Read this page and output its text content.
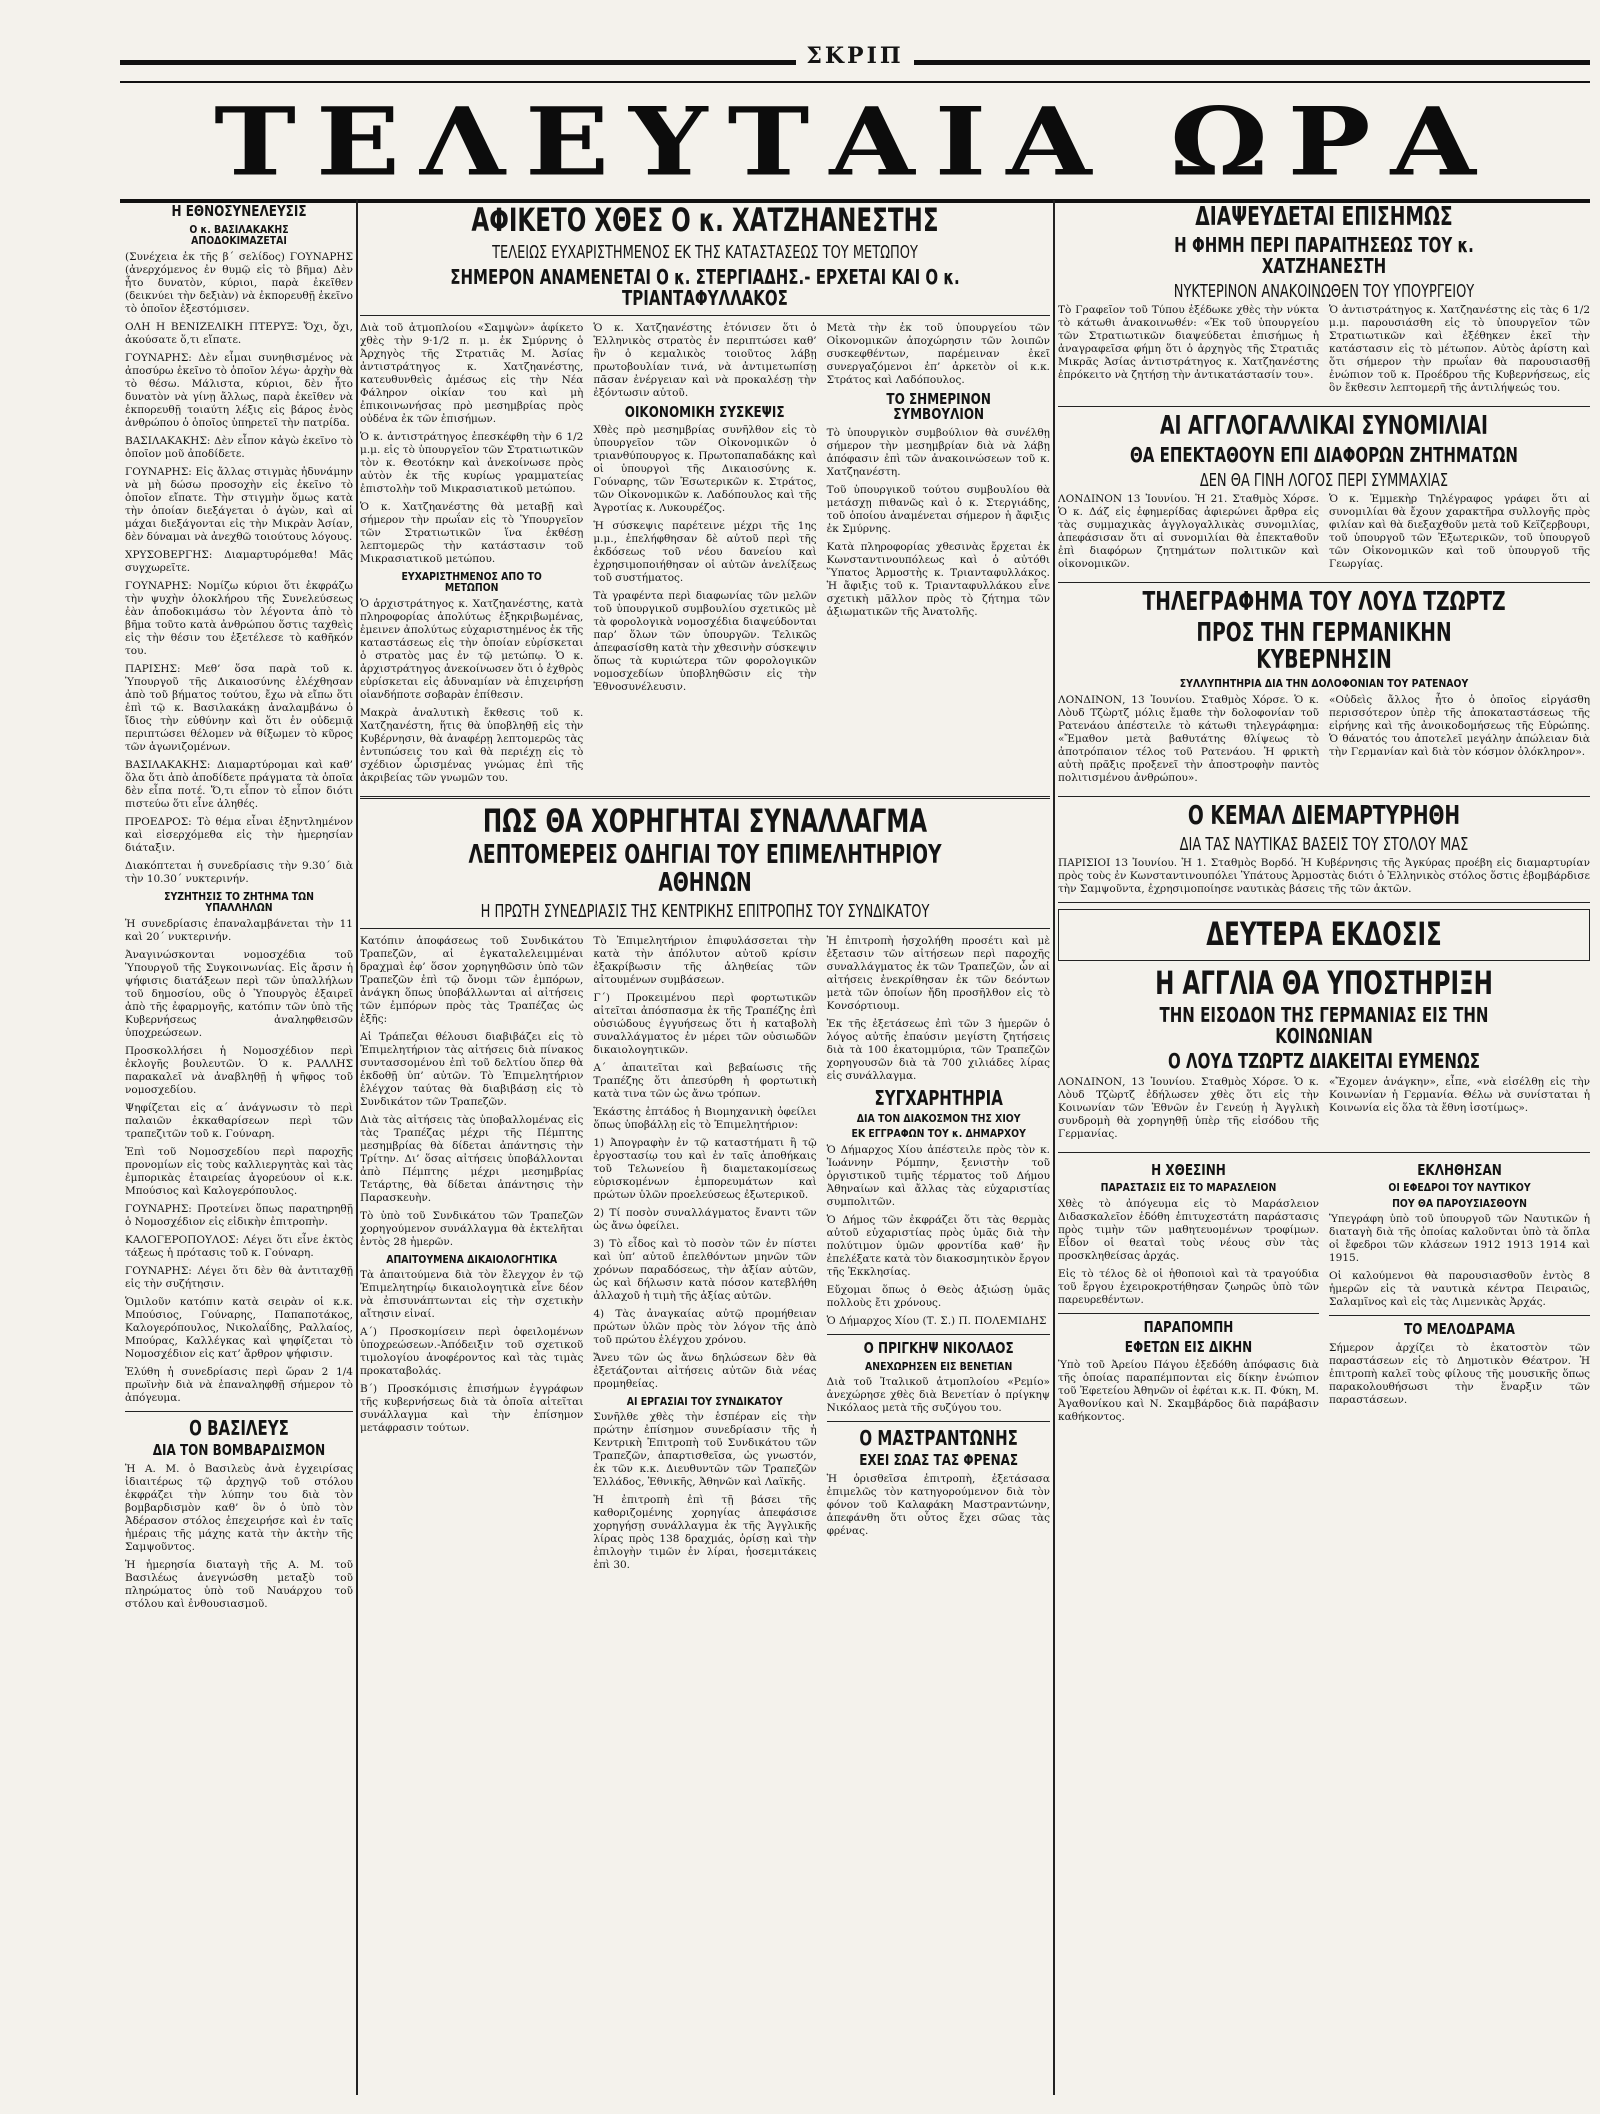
ΣΚΡΙΠ
ΤΕΛΕΥΤΑΙΑ ΩΡΑ
Η ΕΘΝΟΣΥΝΕΛΕΥΣΙΣ
Ο κ. ΒΑΣΙΛΑΚΑΚΗΣ ΑΠΟΔΟΚΙΜΑΖΕΤΑΙ

(Συνέχεια ἐκ τῆς β΄ σελίδος) ΓΟΥΝΑΡΗΣ (ἀνερχόμενος ἐν θυμῷ εἰς τὸ βῆμα) Δὲν ἦτο δυνατὸν, κύριοι, παρὰ ἐκεῖθεν (δεικνύει τὴν δεξιὰν) νὰ ἐκπορευθῇ ἐκεῖνο τὸ ὁποῖον ἐξεστόμισεν.

ΟΛΗ Η ΒΕΝΙΖΕΛΙΚΗ ΠΤΕΡΥΞ: Ὄχι, ὄχι, ἀκούσατε ὅ,τι εἴπατε.

ΓΟΥΝΑΡΗΣ: Δὲν εἶμαι συνηθισμένος νὰ ἀποσύρω ἐκεῖνο τὸ ὁποῖον λέγω· ἀρχὴν θὰ τὸ θέσω. Μάλιστα, κύριοι, δὲν ἦτο δυνατὸν νὰ γίνῃ ἄλλως, παρὰ ἐκεῖθεν νὰ ἐκπορευθῇ τοιαύτη λέξις εἰς βάρος ἑνὸς ἀνθρώπου ὁ ὁποῖος ὑπηρετεῖ τὴν πατρίδα.

ΒΑΣΙΛΑΚΑΚΗΣ: Δὲν εἶπον κἀγὼ ἐκεῖνο τὸ ὁποῖον μοῦ ἀποδίδετε.

ΓΟΥΝΑΡΗΣ: Εἰς ἄλλας στιγμὰς ἠδυνάμην νὰ μὴ δώσω προσοχὴν εἰς ἐκεῖνο τὸ ὁποῖον εἴπατε. Τὴν στιγμὴν ὅμως κατὰ τὴν ὁποίαν διεξάγεται ὁ ἀγὼν, καὶ αἱ μάχαι διεξάγονται εἰς τὴν Μικρὰν Ἀσίαν, δὲν δύναμαι νὰ ἀνεχθῶ τοιούτους λόγους.

ΧΡΥΣΟΒΕΡΓΗΣ: Διαμαρτυρόμεθα! Μᾶς συγχωρεῖτε.

ΓΟΥΝΑΡΗΣ: Νομίζω κύριοι ὅτι ἐκφράζω τὴν ψυχὴν ὁλοκλήρου τῆς Συνελεύσεως ἐὰν ἀποδοκιμάσω τὸν λέγοντα ἀπὸ τὸ βῆμα τοῦτο κατὰ ἀνθρώπου ὅστις ταχθεὶς εἰς τὴν θέσιν του ἐξετέλεσε τὸ καθῆκόν του.

ΠΑΡΙΣΗΣ: Μεθ’ ὅσα παρὰ τοῦ κ. Ὑπουργοῦ τῆς Δικαιοσύνης ἐλέχθησαν ἀπὸ τοῦ βήματος τούτου, ἔχω νὰ εἴπω ὅτι ἐπὶ τῷ κ. Βασιλακάκῃ ἀναλαμβάνω ὁ ἴδιος τὴν εὐθύνην καὶ ὅτι ἐν οὐδεμιᾷ περιπτώσει θέλομεν νὰ θίξωμεν τὸ κῦρος τῶν ἀγωνιζομένων.

ΒΑΣΙΛΑΚΑΚΗΣ: Διαμαρτύρομαι καὶ καθ’ ὅλα ὅτι ἀπὸ ἀποδίδετε πράγματα τὰ ὁποῖα δὲν εἶπα ποτέ. Ὅ,τι εἶπον τὸ εἶπον διότι πιστεύω ὅτι εἶνε ἀληθές.

ΠΡΟΕΔΡΟΣ: Τὸ θέμα εἶναι ἐξηντλημένον καὶ εἰσερχόμεθα εἰς τὴν ἡμερησίαν διάταξιν.

Διακόπτεται ἡ συνεδρίασις τὴν 9.30΄ διὰ τὴν 10.30΄ νυκτερινήν.

ΣΥΖΗΤΗΣΙΣ ΤΟ ΖΗΤΗΜΑ ΤΩΝ ΥΠΑΛΛΗΛΩΝ

Ἡ συνεδρίασις ἐπαναλαμβάνεται τὴν 11 καὶ 20΄ νυκτερινήν.

Ἀναγινώσκονται νομοσχέδια τοῦ Ὑπουργοῦ τῆς Συγκοινωνίας. Εἰς ἄρσιν ἡ ψήφισις διατάξεων περὶ τῶν ὑπαλλήλων τοῦ δημοσίου, οὓς ὁ Ὑπουργὸς ἐξαιρεῖ ἀπὸ τῆς ἐφαρμογῆς, κατόπιν τῶν ὑπὸ τῆς Κυβερνήσεως ἀναληφθεισῶν ὑποχρεώσεων.

Προσκολλήσει ἡ Νομοσχέδιον περὶ ἐκλογῆς βουλευτῶν. Ὁ κ. ΡΑΛΛΗΣ παρακαλεῖ νὰ ἀναβληθῇ ἡ ψῆφος τοῦ νομοσχεδίου.

Ψηφίζεται εἰς α΄ ἀνάγνωσιν τὸ περὶ παλαιῶν ἐκκαθαρίσεων περὶ τῶν τραπεζιτῶν τοῦ κ. Γούναρη.

Ἐπὶ τοῦ Νομοσχεδίου περὶ παροχῆς προνομίων εἰς τοὺς καλλιεργητὰς καὶ τὰς ἐμπορικὰς ἐταιρείας ἀγορεύουν οἱ κ.κ. Μπούσιος καὶ Καλογερόπουλος.

ΓΟΥΝΑΡΗΣ: Προτείνει ὅπως παρατηρηθῇ ὁ Νομοσχέδιον εἰς εἰδικὴν ἐπιτροπὴν.

ΚΑΛΟΓΕΡΟΠΟΥΛΟΣ: Λέγει ὅτι εἶνε ἐκτὸς τάξεως ἡ πρότασις τοῦ κ. Γούναρη.

ΓΟΥΝΑΡΗΣ: Λέγει ὅτι δὲν θὰ ἀντιταχθῇ εἰς τὴν συζήτησιν.

Ὁμιλοῦν κατόπιν κατὰ σειρὰν οἱ κ.κ. Μπούσιος, Γούναρης, Παπαποτάκος, Καλογερόπουλος, Νικολαΐδης, Ραλλαίος, Μπούρας, Καλλέγκας καὶ ψηφίζεται τὸ Νομοσχέδιον εἰς κατ’ ἄρθρον ψήφισιν.

Ἐλύθη ἡ συνεδρίασις περὶ ὥραν 2 1/4 πρωϊνὴν διὰ νὰ ἐπαναληφθῇ σήμερον τὸ ἀπόγευμα.

Ο ΒΑΣΙΛΕΥΣ
ΔΙΑ ΤΟΝ ΒΟΜΒΑΡΔΙΣΜΟΝ

Ἡ Α. Μ. ὁ Βασιλεὺς ἀνὰ ἐγχειρίσας ἰδιαιτέρως τῷ ἀρχηγῷ τοῦ στόλου ἐκφράζει τὴν λύπην του διὰ τὸν βομβαρδισμὸν καθ’ ὃν ὁ ὑπὸ τὸν Ἀδέρασον στόλος ἐπεχειρήσε καὶ ἐν ταῖς ἡμέραις τῆς μάχης κατὰ τὴν ἀκτὴν τῆς Σαμψοῦντος.

Ἡ ἡμερησία διαταγὴ τῆς Α. Μ. τοῦ Βασιλέως ἀνεγνώσθη μεταξὺ τοῦ πληρώματος ὑπὸ τοῦ Ναυάρχου τοῦ στόλου καὶ ἐνθουσιασμοῦ.

ΑΦΙΚΕΤΟ ΧΘΕΣ Ο κ. ΧΑΤΖΗΑΝΕΣΤΗΣ
ΤΕΛΕΙΩΣ ΕΥΧΑΡΙΣΤΗΜΕΝΟΣ ΕΚ ΤΗΣ ΚΑΤΑΣΤΑΣΕΩΣ ΤΟΥ ΜΕΤΩΠΟΥ
ΣΗΜΕΡΟΝ ΑΝΑΜΕΝΕΤΑΙ Ο κ. ΣΤΕΡΓΙΑΔΗΣ.- ΕΡΧΕΤΑΙ ΚΑΙ Ο κ. ΤΡΙΑΝΤΑΦΥΛΛΑΚΟΣ

Διὰ τοῦ ἀτμοπλοίου «Σαμψὼν» ἀφίκετο χθὲς τὴν 9·1/2 π. μ. ἐκ Σμύρνης ὁ Ἀρχηγὸς τῆς Στρατιᾶς Μ. Ἀσίας ἀντιστράτηγος κ. Χατζηανέστης, κατευθυνθεὶς ἀμέσως εἰς τὴν Νέα Φάληρον οἰκίαν του καὶ μὴ ἐπικοινωνήσας πρὸ μεσημβρίας πρὸς οὐδένα ἐκ τῶν ἐπισήμων.

Ὁ κ. ἀντιστράτηγος ἐπεσκέφθη τὴν 6 1/2 μ.μ. εἰς τὸ ὑπουργεῖον τῶν Στρατιωτικῶν τὸν κ. Θεοτόκην καὶ ἀνεκοίνωσε πρὸς αὐτὸν ἐκ τῆς κυρίως γραμματείας ἐπιστολὴν τοῦ Μικρασιατικοῦ μετώπου.

Ὁ κ. Χατζηανέστης θὰ μεταβῇ καὶ σήμερον τὴν πρωΐαν εἰς τὸ Ὑπουργεῖον τῶν Στρατιωτικῶν ἵνα ἐκθέσῃ λεπτομερῶς τὴν κατάστασιν τοῦ Μικρασιατικοῦ μετώπου.

ΕΥΧΑΡΙΣΤΗΜΕΝΟΣ ΑΠΟ ΤΟ ΜΕΤΩΠΟΝ

Ὁ ἀρχιστράτηγος κ. Χατζηανέστης, κατὰ πληροφορίας ἀπολύτως ἐξηκριβωμένας, ἐμεινεν ἀπολύτως εὐχαριστημένος ἐκ τῆς καταστάσεως εἰς τὴν ὁποίαν εὑρίσκεται ὁ στρατὸς μας ἐν τῷ μετώπῳ. Ὁ κ. ἀρχιστράτηγος ἀνεκοίνωσεν ὅτι ὁ ἐχθρὸς εὑρίσκεται εἰς ἀδυναμίαν νὰ ἐπιχειρήσῃ οἱανδήποτε σοβαρὰν ἐπίθεσιν.

Μακρὰ ἀναλυτικὴ ἔκθεσις τοῦ κ. Χατζηανέστη, ἥτις θὰ ὑποβληθῇ εἰς τὴν Κυβέρνησιν, θὰ ἀναφέρῃ λεπτομερῶς τὰς ἐντυπώσεις του καὶ θὰ περιέχῃ εἰς τὸ σχέδιον ὧρισμένας γνώμας ἐπὶ τῆς ἀκριβείας τῶν γνωμῶν του.

Ὁ κ. Χατζηανέστης ἐτόνισεν ὅτι ὁ Ἑλληνικὸς στρατὸς ἐν περιπτώσει καθ’ ἣν ὁ κεμαλικὸς τοιοῦτος λάβῃ πρωτοβουλίαν τινά, νὰ ἀντιμετωπίσῃ πᾶσαν ἐνέργειαν καὶ νὰ προκαλέσῃ τὴν ἐξόντωσιν αὐτοῦ.

ΟΙΚΟΝΟΜΙΚΗ ΣΥΣΚΕΨΙΣ

Χθὲς πρὸ μεσημβρίας συνῆλθον εἰς τὸ ὑπουργεῖον τῶν Οἰκονομικῶν ὁ τριανθύπουργος κ. Πρωτοπαπαδάκης καὶ οἱ ὑπουργοὶ τῆς Δικαιοσύνης κ. Γούναρης, τῶν Ἐσωτερικῶν κ. Στράτος, τῶν Οἰκονομικῶν κ. Λαδόπουλος καὶ τῆς Ἀγροτίας κ. Λυκουρέζος.

Ἡ σύσκεψις παρέτεινε μέχρι τῆς 1ης μ.μ., ἐπελήφθησαν δὲ αὐτοῦ περὶ τῆς ἐκδόσεως τοῦ νέου δανείου καὶ ἐχρησιμοποιήθησαν οἱ αὐτῶν ἀνελίξεως τοῦ συστήματος.

Τὰ γραφέντα περὶ διαφωνίας τῶν μελῶν τοῦ ὑπουργικοῦ συμβουλίου σχετικῶς μὲ τὰ φορολογικὰ νομοσχέδια διαψεύδονται παρ’ ὅλων τῶν ὑπουργῶν. Τελικῶς ἀπεφασίσθη κατὰ τὴν χθεσινὴν σύσκεψιν ὅπως τὰ κυριώτερα τῶν φορολογικῶν νομοσχεδίων ὑποβληθῶσιν εἰς τὴν Ἐθνοσυνέλευσιν.

Μετὰ τὴν ἐκ τοῦ ὑπουργείου τῶν Οἰκονομικῶν ἀποχώρησιν τῶν λοιπῶν συσκεφθέντων, παρέμειναν ἐκεῖ συνεργαζόμενοι ἐπ’ ἀρκετὸν οἱ κ.κ. Στράτος καὶ Λαδόπουλος.

ΤΟ ΣΗΜΕΡΙΝΟΝ ΣΥΜΒΟΥΛΙΟΝ

Τὸ ὑπουργικὸν συμβούλιον θὰ συνέλθῃ σήμερον τὴν μεσημβρίαν διὰ νὰ λάβῃ ἀπόφασιν ἐπὶ τῶν ἀνακοινώσεων τοῦ κ. Χατζηανέστη.

Τοῦ ὑπουργικοῦ τούτου συμβουλίου θὰ μετάσχῃ πιθανῶς καὶ ὁ κ. Στεργιάδης, τοῦ ὁποίου ἀναμένεται σήμερον ἡ ἄφιξις ἐκ Σμύρνης.

Κατὰ πληροφορίας χθεσινὰς ἔρχεται ἐκ Κωνσταντινουπόλεως καὶ ὁ αὐτόθι Ὕπατος Ἁρμοστὴς κ. Τριανταφυλλάκος. Ἡ ἄφιξις τοῦ κ. Τριανταφυλλάκου εἶνε σχετικὴ μᾶλλον πρὸς τὸ ζήτημα τῶν ἀξιωματικῶν τῆς Ἀνατολῆς.

ΠΩΣ ΘΑ ΧΟΡΗΓΗΤΑΙ ΣΥΝΑΛΛΑΓΜΑ
ΛΕΠΤΟΜΕΡΕΙΣ ΟΔΗΓΙΑΙ ΤΟΥ ΕΠΙΜΕΛΗΤΗΡΙΟΥ ΑΘΗΝΩΝ
Η ΠΡΩΤΗ ΣΥΝΕΔΡΙΑΣΙΣ ΤΗΣ ΚΕΝΤΡΙΚΗΣ ΕΠΙΤΡΟΠΗΣ ΤΟΥ ΣΥΝΔΙΚΑΤΟΥ

Κατόπιν ἀποφάσεως τοῦ Συνδικάτου Τραπεζῶν, αἱ ἐγκαταλελειμμέναι δραχμαὶ ἐφ’ ὅσον χορηγηθῶσιν ὑπὸ τῶν Τραπεζῶν ἐπὶ τῷ ὄνομι τῶν ἐμπόρων, ἀνάγκη ὅπως ὑποβάλλωνται αἱ αἰτήσεις τῶν ἐμπόρων πρὸς τὰς Τραπέζας ὡς ἑξῆς:

Αἱ Τράπεζαι θέλουσι διαβιβάζει εἰς τὸ Ἐπιμελητήριον τὰς αἰτήσεις διὰ πίνακος συντασσομένου ἐπὶ τοῦ δελτίου ὅπερ θὰ ἐκδοθῇ ὑπ’ αὐτῶν. Τὸ Ἐπιμελητήριον ἐλέγχον ταύτας θὰ διαβιβάσῃ εἰς τὸ Συνδικάτον τῶν Τραπεζῶν.

Διὰ τὰς αἰτήσεις τὰς ὑποβαλλομένας εἰς τὰς Τραπέζας μέχρι τῆς Πέμπτης μεσημβρίας θὰ δίδεται ἀπάντησις τὴν Τρίτην. Δι’ ὅσας αἰτήσεις ὑποβάλλονται ἀπὸ Πέμπτης μέχρι μεσημβρίας Τετάρτης, θὰ δίδεται ἀπάντησις τὴν Παρασκευὴν.

Τὸ ὑπὸ τοῦ Συνδικάτου τῶν Τραπεζῶν χορηγούμενον συνάλλαγμα θὰ ἐκτελῆται ἐντὸς 28 ἡμερῶν.

ΑΠΑΙΤΟΥΜΕΝΑ ΔΙΚΑΙΟΛΟΓΗΤΙΚΑ

Τὰ ἀπαιτούμενα διὰ τὸν ἔλεγχον ἐν τῷ Ἐπιμελητηρίῳ δικαιολογητικὰ εἶνε δέον νὰ ἐπισυνάπτωνται εἰς τὴν σχετικὴν αἴτησιν εἰναί.

Α΄) Προσκομίσειν περὶ ὀφειλομένων ὑποχρεώσεων.-Ἀπόδειξιν τοῦ σχετικοῦ τιμολογίου ἀνοφέροντος καὶ τὰς τιμὰς προκαταβολάς.

Β΄) Προσκόμισις ἐπισήμων ἐγγράφων τῆς κυβερνήσεως διὰ τὰ ὁποῖα αἰτεῖται συνάλλαγμα καὶ τὴν ἐπίσημον μετάφρασιν τούτων.

Τὸ Ἐπιμελητήριον ἐπιφυλάσσεται τὴν κατὰ τὴν ἀπόλυτον αὐτοῦ κρίσιν ἐξακρίβωσιν τῆς ἀληθείας τῶν αἰτουμένων συμβάσεων.

Γ΄) Προκειμένου περὶ φορτωτικῶν αἰτεῖται ἀπόσπασμα ἐκ τῆς Τραπέζης ἐπὶ οὐσιώδους ἐγγυήσεως ὅτι ἡ καταβολὴ συναλλάγματος ἐν μέρει τῶν οὐσιωδῶν δικαιολογητικῶν.

Α΄ ἀπαιτεῖται καὶ βεβαίωσις τῆς Τραπέζης ὅτι ἀπεσύρθη ἡ φορτωτικὴ κατὰ τινα τῶν ὡς ἄνω τρόπων.

Ἑκάστης ἑπτάδος ἡ Βιομηχανικὴ ὀφείλει ὅπως ὑποβάλλῃ εἰς τὸ Ἐπιμελητήριον:

1) Ἀπογραφὴν ἐν τῷ καταστήματι ἢ τῷ ἐργοστασίῳ του καὶ ἐν ταῖς ἀποθήκαις τοῦ Τελωνείου ἢ διαμετακομίσεως εὑρισκομένων ἐμπορευμάτων καὶ πρώτων ὑλῶν προελεύσεως ἐξωτερικοῦ.

2) Τί ποσὸν συναλλάγματος ἔναντι τῶν ὡς ἄνω ὀφείλει.

3) Τὸ εἶδος καὶ τὸ ποσὸν τῶν ἐν πίστει καὶ ὑπ’ αὐτοῦ ἐπελθόντων μηνῶν τῶν χρόνων παραδόσεως, τὴν ἀξίαν αὐτῶν, ὡς καὶ δήλωσιν κατὰ πόσον κατεβλήθη ἀλλαχοῦ ἡ τιμὴ τῆς ἀξίας αὐτῶν.

4) Τὰς ἀναγκαίας αὐτῷ προμήθειαν πρώτων ὑλῶν πρὸς τὸν λόγον τῆς ἀπὸ τοῦ πρώτου ἐλέγχου χρόνου.

Ἄνευ τῶν ὡς ἄνω δηλώσεων δὲν θὰ ἐξετάζονται αἰτήσεις αὐτῶν διὰ νέας προμηθείας.

ΑΙ ΕΡΓΑΣΙΑΙ ΤΟΥ ΣΥΝΔΙΚΑΤΟΥ

Συνῆλθε χθὲς τὴν ἑσπέραν εἰς τὴν πρώτην ἐπίσημον συνεδρίασιν τῆς ἡ Κεντρικὴ Ἐπιτροπὴ τοῦ Συνδικάτου τῶν Τραπεζῶν, ἀπαρτισθεῖσα, ὡς γνωστόν, ἐκ τῶν κ.κ. Διευθυντῶν τῶν Τραπεζῶν Ἑλλάδος, Ἐθνικῆς, Ἀθηνῶν καὶ Λαϊκῆς.

Ἡ ἐπιτροπὴ ἐπὶ τῇ βάσει τῆς καθοριζομένης χορηγίας ἀπεφάσισε χορηγήσῃ συνάλλαγμα ἐκ τῆς Ἀγγλικῆς λίρας πρὸς 138 δραχμάς, ὁρίσῃ καὶ τὴν ἐπιλογὴν τιμῶν ἐν λίραι, ἠοσεμιτάκεις ἐπὶ 30.

Ἡ ἐπιτροπὴ ἠσχολήθη προσέτι καὶ μὲ ἐξετασιν τῶν αἰτήσεων περὶ παροχῆς συναλλάγματος ἐκ τῶν Τραπεζῶν, ὧν αἱ αἰτήσεις ἐνεκρίθησαν ἐκ τῶν δεόντων μετὰ τῶν ὁποίων ἤδη προσῆλθον εἰς τὸ Κονσόρτιουμ.

Ἐκ τῆς ἐξετάσεως ἐπὶ τῶν 3 ἡμερῶν ὁ λόγος αὐτῆς ἐπαύσιν μεγίστη ζητήσεις διὰ τὰ 100 ἐκατομμύρια, τῶν Τραπεζῶν χορηγουσῶν διὰ τὰ 700 χιλιάδες λίρας εἰς συνάλλαγμα.

ΣΥΓΧΑΡΗΤΗΡΙΑ
ΔΙΑ ΤΟΝ ΔΙΑΚΟΣΜΟΝ ΤΗΣ ΧΙΟΥ
ΕΚ ΕΓΓΡΑΦΩΝ ΤΟΥ κ. ΔΗΜΑΡΧΟΥ

Ὁ Δήμαρχος Χίου ἀπέστειλε πρὸς τὸν κ. Ἰωάννην Ρόμπην, ξενιστὴν τοῦ ὁργιστικοῦ τιμῆς τέρματος τοῦ Δήμου Ἀθηναίων καὶ ἄλλας τὰς εὐχαριστίας συμπολιτῶν.

Ὁ Δήμος τῶν ἐκφράζει ὅτι τὰς θερμὰς αὐτοῦ εὐχαριστίας πρὸς ὑμᾶς διὰ τὴν πολύτιμον ὑμῶν φροντίδα καθ’ ἣν ἐπελέξατε κατὰ τὸν διακοσμητικὸν ἔργον τῆς Ἐκκλησίας.

Εὔχομαι ὅπως ὁ Θεὸς ἀξιώσῃ ὑμᾶς πολλοὺς ἔτι χρόνους.

Ὁ Δήμαρχος Χίου (Τ. Σ.) Π. ΠΟΛΕΜΙΔΗΣ

Ο ΠΡΙΓΚΗΨ ΝΙΚΟΛΑΟΣ
ΑΝΕΧΩΡΗΣΕΝ ΕΙΣ ΒΕΝΕΤΙΑΝ

Διὰ τοῦ Ἰταλικοῦ ἀτμοπλοίου «Ρεμίο» ἀνεχώρησε χθὲς διὰ Βενετίαν ὁ πρίγκηψ Νικόλαος μετὰ τῆς συζύγου του.

Ο ΜΑΣΤΡΑΝΤΩΝΗΣ
ΕΧΕΙ ΣΩΑΣ ΤΑΣ ΦΡΕΝΑΣ

Ἡ ὁρισθεῖσα ἐπιτροπὴ, ἐξετάσασα ἐπιμελῶς τὸν κατηγορούμενον διὰ τὸν φόνον τοῦ Καλαφάκη Μαστραντώνην, ἀπεφάνθη ὅτι οὗτος ἔχει σῶας τὰς φρένας.

ΔΙΑΨΕΥΔΕΤΑΙ ΕΠΙΣΗΜΩΣ
Η ΦΗΜΗ ΠΕΡΙ ΠΑΡΑΙΤΗΣΕΩΣ ΤΟΥ κ. ΧΑΤΖΗΑΝΕΣΤΗ
ΝΥΚΤΕΡΙΝΟΝ ΑΝΑΚΟΙΝΩΘΕΝ ΤΟΥ ΥΠΟΥΡΓΕΙΟΥ

Τὸ Γραφεῖον τοῦ Τύπου ἐξέδωκε χθὲς τὴν νύκτα τὸ κάτωθι ἀνακοινωθέν: «Ἐκ τοῦ ὑπουργείου τῶν Στρατιωτικῶν διαψεύδεται ἐπισήμως ἡ ἀναγραφεῖσα φήμη ὅτι ὁ ἀρχηγὸς τῆς Στρατιᾶς Μικρᾶς Ἀσίας ἀντιστράτηγος κ. Χατζηανέστης ἐπρόκειτο νὰ ζητήσῃ τὴν ἀντικατάστασίν του».

Ὁ ἀντιστράτηγος κ. Χατζηανέστης εἰς τὰς 6 1/2 μ.μ. παρουσιάσθη εἰς τὸ ὑπουργεῖον τῶν Στρατιωτικῶν καὶ ἐξέθηκεν ἐκεῖ τὴν κατάστασιν εἰς τὸ μέτωπον. Αὐτὸς ἀρίστη καὶ ὅτι σήμερον τὴν πρωΐαν θὰ παρουσιασθῇ ἐνώπιον τοῦ κ. Προέδρου τῆς Κυβερνήσεως, εἰς ὃν ἔκθεσιν λεπτομερῆ τῆς ἀντιλήψεώς του.

ΑΙ ΑΓΓΛΟΓΑΛΛΙΚΑΙ ΣΥΝΟΜΙΛΙΑΙ
ΘΑ ΕΠΕΚΤΑΘΟΥΝ ΕΠΙ ΔΙΑΦΟΡΩΝ ΖΗΤΗΜΑΤΩΝ
ΔΕΝ ΘΑ ΓΙΝΗ ΛΟΓΟΣ ΠΕΡΙ ΣΥΜΜΑΧΙΑΣ

ΛΟΝΔΙΝΟΝ 13 Ἰουνίου. Ἡ 21. Σταθμὸς Χόρσε. Ὁ κ. Δάζ εἰς ἐφημερίδας ἀφιερώνει ἄρθρα εἰς τὰς συμμαχικὰς ἀγγλογαλλικὰς συνομιλίας, ἀπεφάσισαν ὅτι αἱ συνομιλίαι θὰ ἐπεκταθοῦν ἐπὶ διαφόρων ζητημάτων πολιτικῶν καὶ οἰκονομικῶν.

Ὁ κ. Ἐμμεκὴρ Τηλέγραφος γράφει ὅτι αἱ συνομιλίαι θὰ ἔχουν χαρακτῆρα συλλογῆς πρὸς φιλίαν καὶ θὰ διεξαχθοῦν μετὰ τοῦ Κεϊζερβουρι, τοῦ ὑπουργοῦ τῶν Ἐξωτερικῶν, τοῦ ὑπουργοῦ τῶν Οἰκονομικῶν καὶ τοῦ ὑπουργοῦ τῆς Γεωργίας.

ΤΗΛΕΓΡΑΦΗΜΑ ΤΟΥ ΛΟΥΔ ΤΖΩΡΤΖ
ΠΡΟΣ ΤΗΝ ΓΕΡΜΑΝΙΚΗΝ ΚΥΒΕΡΝΗΣΙΝ
ΣΥΛΛΥΠΗΤΗΡΙΑ ΔΙΑ ΤΗΝ ΔΟΛΟΦΟΝΙΑΝ ΤΟΥ ΡΑΤΕΝΑΟΥ

ΛΟΝΔΙΝΟΝ, 13 Ἰουνίου. Σταθμὸς Χόρσε. Ὁ κ. Λὸυδ Τζὼρτζ μόλις ἔμαθε τὴν δολοφονίαν τοῦ Ρατενάου ἀπέστειλε τὸ κάτωθι τηλεγράφημα: «Ἔμαθον μετὰ βαθυτάτης θλίψεως τὸ ἀποτρόπαιον τέλος τοῦ Ρατενάου. Ἡ φρικτὴ αὐτὴ πρᾶξις προξενεῖ τὴν ἀποστροφὴν παντὸς πολιτισμένου ἀνθρώπου».

«Οὐδεὶς ἄλλος ἦτο ὁ ὁποῖος εἰργάσθη περισσότερον ὑπὲρ τῆς ἀποκαταστάσεως τῆς εἰρήνης καὶ τῆς ἀνοικοδομήσεως τῆς Εὐρώπης. Ὁ θάνατός του ἀποτελεῖ μεγάλην ἀπώλειαν διὰ τὴν Γερμανίαν καὶ διὰ τὸν κόσμον ὁλόκληρον».

Ο ΚΕΜΑΛ ΔΙΕΜΑΡΤΥΡΗΘΗ
ΔΙΑ ΤΑΣ ΝΑΥΤΙΚΑΣ ΒΑΣΕΙΣ ΤΟΥ ΣΤΟΛΟΥ ΜΑΣ

ΠΑΡΙΣΙΟΙ 13 Ἰουνίου. Ἡ 1. Σταθμὸς Βορδό. Ἡ Κυβέρνησις τῆς Ἀγκύρας προέβη εἰς διαμαρτυρίαν πρὸς τοὺς ἐν Κωνσταντινουπόλει Ὑπάτους Ἁρμοστὰς διότι ὁ Ἑλληνικὸς στόλος ὅστις ἐβομβάρδισε τὴν Σαμψοῦντα, ἐχρησιμοποίησε ναυτικὰς βάσεις τῆς τῶν ἀκτῶν.

ΔΕΥΤΕΡΑ ΕΚΔΟΣΙΣ
Η ΑΓΓΛΙΑ ΘΑ ΥΠΟΣΤΗΡΙΞΗ
ΤΗΝ ΕΙΣΟΔΟΝ ΤΗΣ ΓΕΡΜΑΝΙΑΣ ΕΙΣ ΤΗΝ ΚΟΙΝΩΝΙΑΝ
Ο ΛΟΥΔ ΤΖΩΡΤΖ ΔΙΑΚΕΙΤΑΙ ΕΥΜΕΝΩΣ

ΛΟΝΔΙΝΟΝ, 13 Ἰουνίου. Σταθμὸς Χόρσε. Ὁ κ. Λὸυδ Τζὼρτζ ἐδήλωσεν χθὲς ὅτι εἰς τὴν Κοινωνίαν τῶν Ἐθνῶν ἐν Γενεύῃ ἡ Ἀγγλικὴ συνδρομὴ θὰ χορηγηθῇ ὑπὲρ τῆς εἰσόδου τῆς Γερμανίας.

«Ἔχομεν ἀνάγκην», εἶπε, «νὰ εἰσέλθῃ εἰς τὴν Κοινωνίαν ἡ Γερμανία. Θέλω νὰ συνίσταται ἡ Κοινωνία εἰς ὅλα τὰ ἔθνη ἰσοτίμως».

Η ΧΘΕΣΙΝΗ
ΠΑΡΑΣΤΑΣΙΣ ΕΙΣ ΤΟ ΜΑΡΑΣΛΕΙΟΝ

Χθὲς τὸ ἀπόγευμα εἰς τὸ Μαράσλειον Διδασκαλεῖον ἐδόθη ἐπιτυχεστάτη παράστασις πρὸς τιμὴν τῶν μαθητευομένων τροφίμων. Εἶδον οἱ θεαταὶ τοὺς νέους σὺν τὰς προσκληθείσας ἀρχάς.

Εἰς τὸ τέλος δὲ οἱ ἡθοποιοὶ καὶ τὰ τραγούδια τοῦ ἔργου ἐχειροκροτήθησαν ζωηρῶς ὑπὸ τῶν παρευρεθέντων.

ΠΑΡΑΠΟΜΠΗ
ΕΦΕΤΩΝ ΕΙΣ ΔΙΚΗΝ

Ὑπὸ τοῦ Ἀρείου Πάγου ἐξεδόθη ἀπόφασις διὰ τῆς ὁποίας παραπέμπονται εἰς δίκην ἐνώπιον τοῦ Ἐφετείου Ἀθηνῶν οἱ ἐφέται κ.κ. Π. Φύκη, Μ. Ἀγαθονίκου καὶ Ν. Σκαμβάρδος διὰ παράβασιν καθήκοντος.

ΕΚΛΗΘΗΣΑΝ
ΟΙ ΕΦΕΔΡΟΙ ΤΟΥ ΝΑΥΤΙΚΟΥ
ΠΟΥ ΘΑ ΠΑΡΟΥΣΙΑΣΘΟΥΝ

Ὑπεγράφη ὑπὸ τοῦ ὑπουργοῦ τῶν Ναυτικῶν ἡ διαταγὴ διὰ τῆς ὁποίας καλοῦνται ὑπὸ τὰ ὅπλα οἱ ἔφεδροι τῶν κλάσεων 1912 1913 1914 καὶ 1915.

Οἱ καλούμενοι θὰ παρουσιασθοῦν ἐντὸς 8 ἡμερῶν εἰς τὰ ναυτικὰ κέντρα Πειραιῶς, Σαλαμῖνος καὶ εἰς τὰς Λιμενικὰς Ἀρχάς.

ΤΟ ΜΕΛΟΔΡΑΜΑ

Σήμερον ἀρχίζει τὸ ἑκατοστὸν τῶν παραστάσεων εἰς τὸ Δημοτικὸν Θέατρον. Ἡ ἐπιτροπὴ καλεῖ τοὺς φίλους τῆς μουσικῆς ὅπως παρακολουθήσωσι τὴν ἔναρξιν τῶν παραστάσεων.
